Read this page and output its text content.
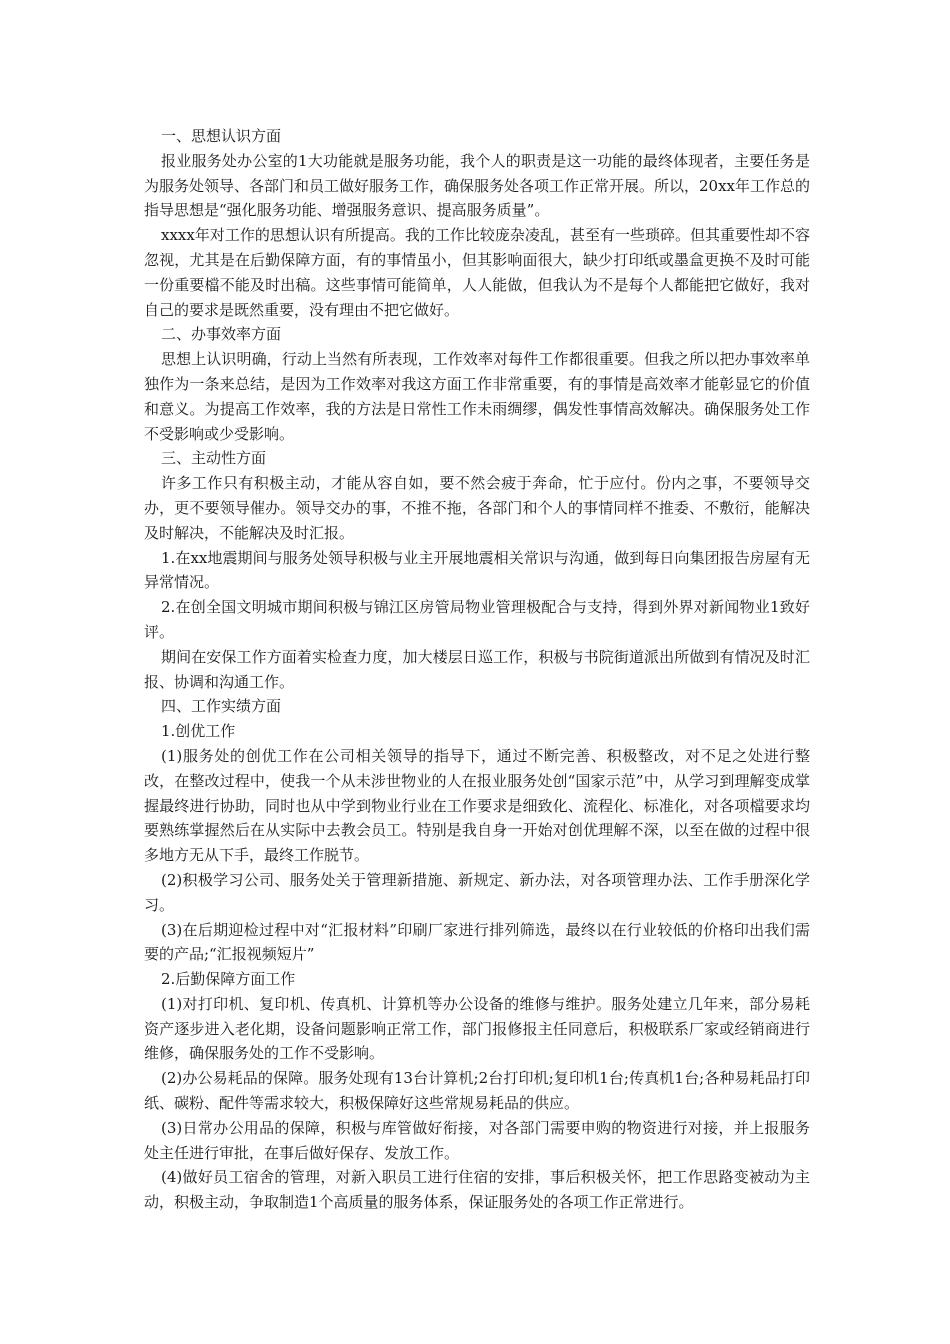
一、思想认识方面

报业服务处办公室的1大功能就是服务功能，我个人的职责是这一功能的最终体现者，主要任务是为服务处领导、各部门和员工做好服务工作，确保服务处各项工作正常开展。所以，20xx年工作总的指导思想是“强化服务功能、增强服务意识、提高服务质量”。

xxxx年对工作的思想认识有所提高。我的工作比较庞杂凌乱，甚至有一些琐碎。但其重要性却不容忽视，尤其是在后勤保障方面，有的事情虽小，但其影响面很大，缺少打印纸或墨盒更换不及时可能一份重要檔不能及时出稿。这些事情可能简单，人人能做，但我认为不是每个人都能把它做好，我对自己的要求是既然重要，没有理由不把它做好。

二、办事效率方面

思想上认识明确，行动上当然有所表现，工作效率对每件工作都很重要。但我之所以把办事效率单独作为一条来总结，是因为工作效率对我这方面工作非常重要，有的事情是高效率才能彰显它的价值和意义。为提高工作效率，我的方法是日常性工作未雨绸缪，偶发性事情高效解决。确保服务处工作不受影响或少受影响。

三、主动性方面

许多工作只有积极主动，才能从容自如，要不然会疲于奔命，忙于应付。份内之事，不要领导交办，更不要领导催办。领导交办的事，不推不拖，各部门和个人的事情同样不推委、不敷衍，能解决及时解决，不能解决及时汇报。

1.在xx地震期间与服务处领导积极与业主开展地震相关常识与沟通，做到每日向集团报告房屋有无异常情况。

2.在创全国文明城市期间积极与锦江区房管局物业管理极配合与支持，得到外界对新闻物业1致好评。

期间在安保工作方面着实检查力度，加大楼层日巡工作，积极与书院街道派出所做到有情况及时汇报、协调和沟通工作。

四、工作实绩方面

1.创优工作

(1)服务处的创优工作在公司相关领导的指导下，通过不断完善、积极整改，对不足之处进行整改，在整改过程中，使我一个从未涉世物业的人在报业服务处创“国家示范”中，从学习到理解变成掌握最终进行协助，同时也从中学到物业行业在工作要求是细致化、流程化、标准化，对各项檔要求均要熟练掌握然后在从实际中去教会员工。特别是我自身一开始对创优理解不深，以至在做的过程中很多地方无从下手，最终工作脱节。

(2)积极学习公司、服务处关于管理新措施、新规定、新办法，对各项管理办法、工作手册深化学习。

(3)在后期迎检过程中对“汇报材料”印刷厂家进行排列筛选，最终以在行业较低的价格印出我们需要的产品;“汇报视频短片”

2.后勤保障方面工作

(1)对打印机、复印机、传真机、计算机等办公设备的维修与维护。服务处建立几年来，部分易耗资产逐步进入老化期，设备问题影响正常工作，部门报修报主任同意后，积极联系厂家或经销商进行维修，确保服务处的工作不受影响。

(2)办公易耗品的保障。服务处现有13台计算机;2台打印机;复印机1台;传真机1台;各种易耗品打印纸、碳粉、配件等需求较大，积极保障好这些常规易耗品的供应。

(3)日常办公用品的保障，积极与库管做好衔接，对各部门需要申购的物资进行对接，并上报服务处主任进行审批，在事后做好保存、发放工作。

(4)做好员工宿舍的管理，对新入职员工进行住宿的安排，事后积极关怀，把工作思路变被动为主动，积极主动，争取制造1个高质量的服务体系，保证服务处的各项工作正常进行。
